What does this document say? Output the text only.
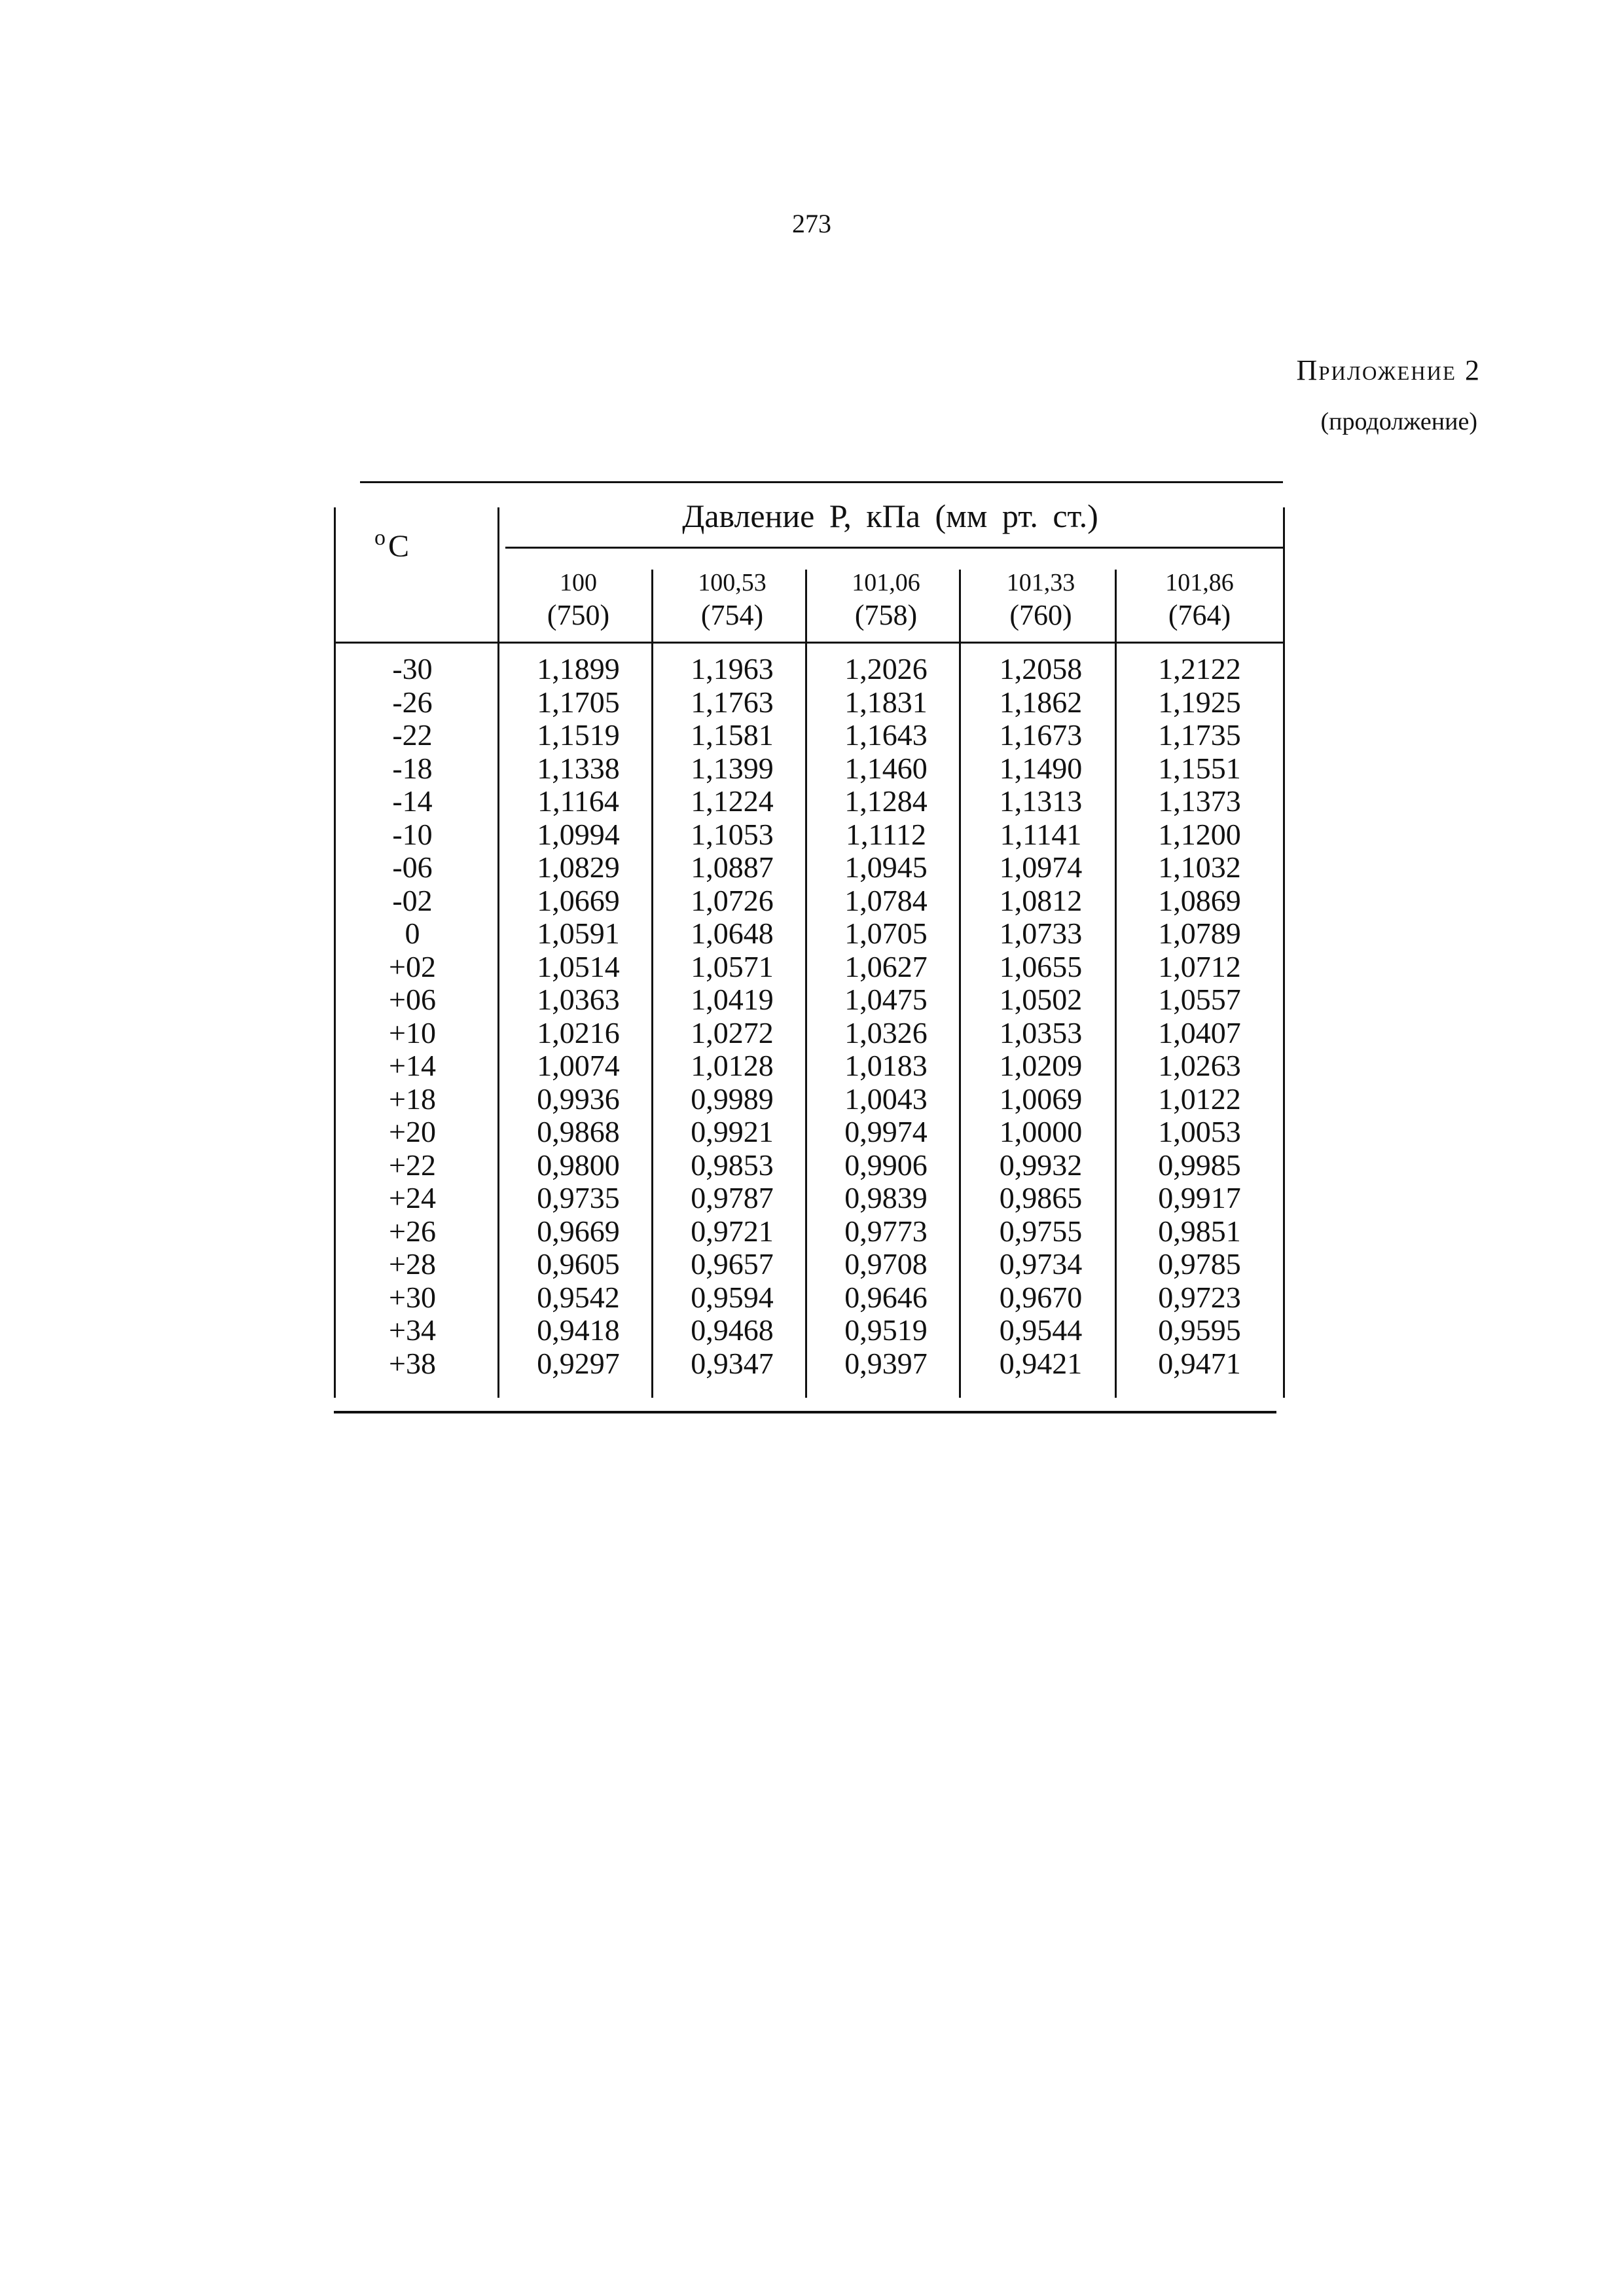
273
Приложение 2
(продолжение)
$^о$С
Давление Р, кПа (мм рт. ст.)
100
(750)
100,53
(754)
101,06
(758)
101,33
(760)
101,86
(764)
-30
-26
-22
-18
-14
-10
-06
-02
0
+02
+06
+10
+14
+18
+20
+22
+24
+26
+28
+30
+34
+38
1,1899
1,1705
1,1519
1,1338
1,1164
1,0994
1,0829
1,0669
1,0591
1,0514
1,0363
1,0216
1,0074
0,9936
0,9868
0,9800
0,9735
0,9669
0,9605
0,9542
0,9418
0,9297
1,1963
1,1763
1,1581
1,1399
1,1224
1,1053
1,0887
1,0726
1,0648
1,0571
1,0419
1,0272
1,0128
0,9989
0,9921
0,9853
0,9787
0,9721
0,9657
0,9594
0,9468
0,9347
1,2026
1,1831
1,1643
1,1460
1,1284
1,1112
1,0945
1,0784
1,0705
1,0627
1,0475
1,0326
1,0183
1,0043
0,9974
0,9906
0,9839
0,9773
0,9708
0,9646
0,9519
0,9397
1,2058
1,1862
1,1673
1,1490
1,1313
1,1141
1,0974
1,0812
1,0733
1,0655
1,0502
1,0353
1,0209
1,0069
1,0000
0,9932
0,9865
0,9755
0,9734
0,9670
0,9544
0,9421
1,2122
1,1925
1,1735
1,1551
1,1373
1,1200
1,1032
1,0869
1,0789
1,0712
1,0557
1,0407
1,0263
1,0122
1,0053
0,9985
0,9917
0,9851
0,9785
0,9723
0,9595
0,9471
